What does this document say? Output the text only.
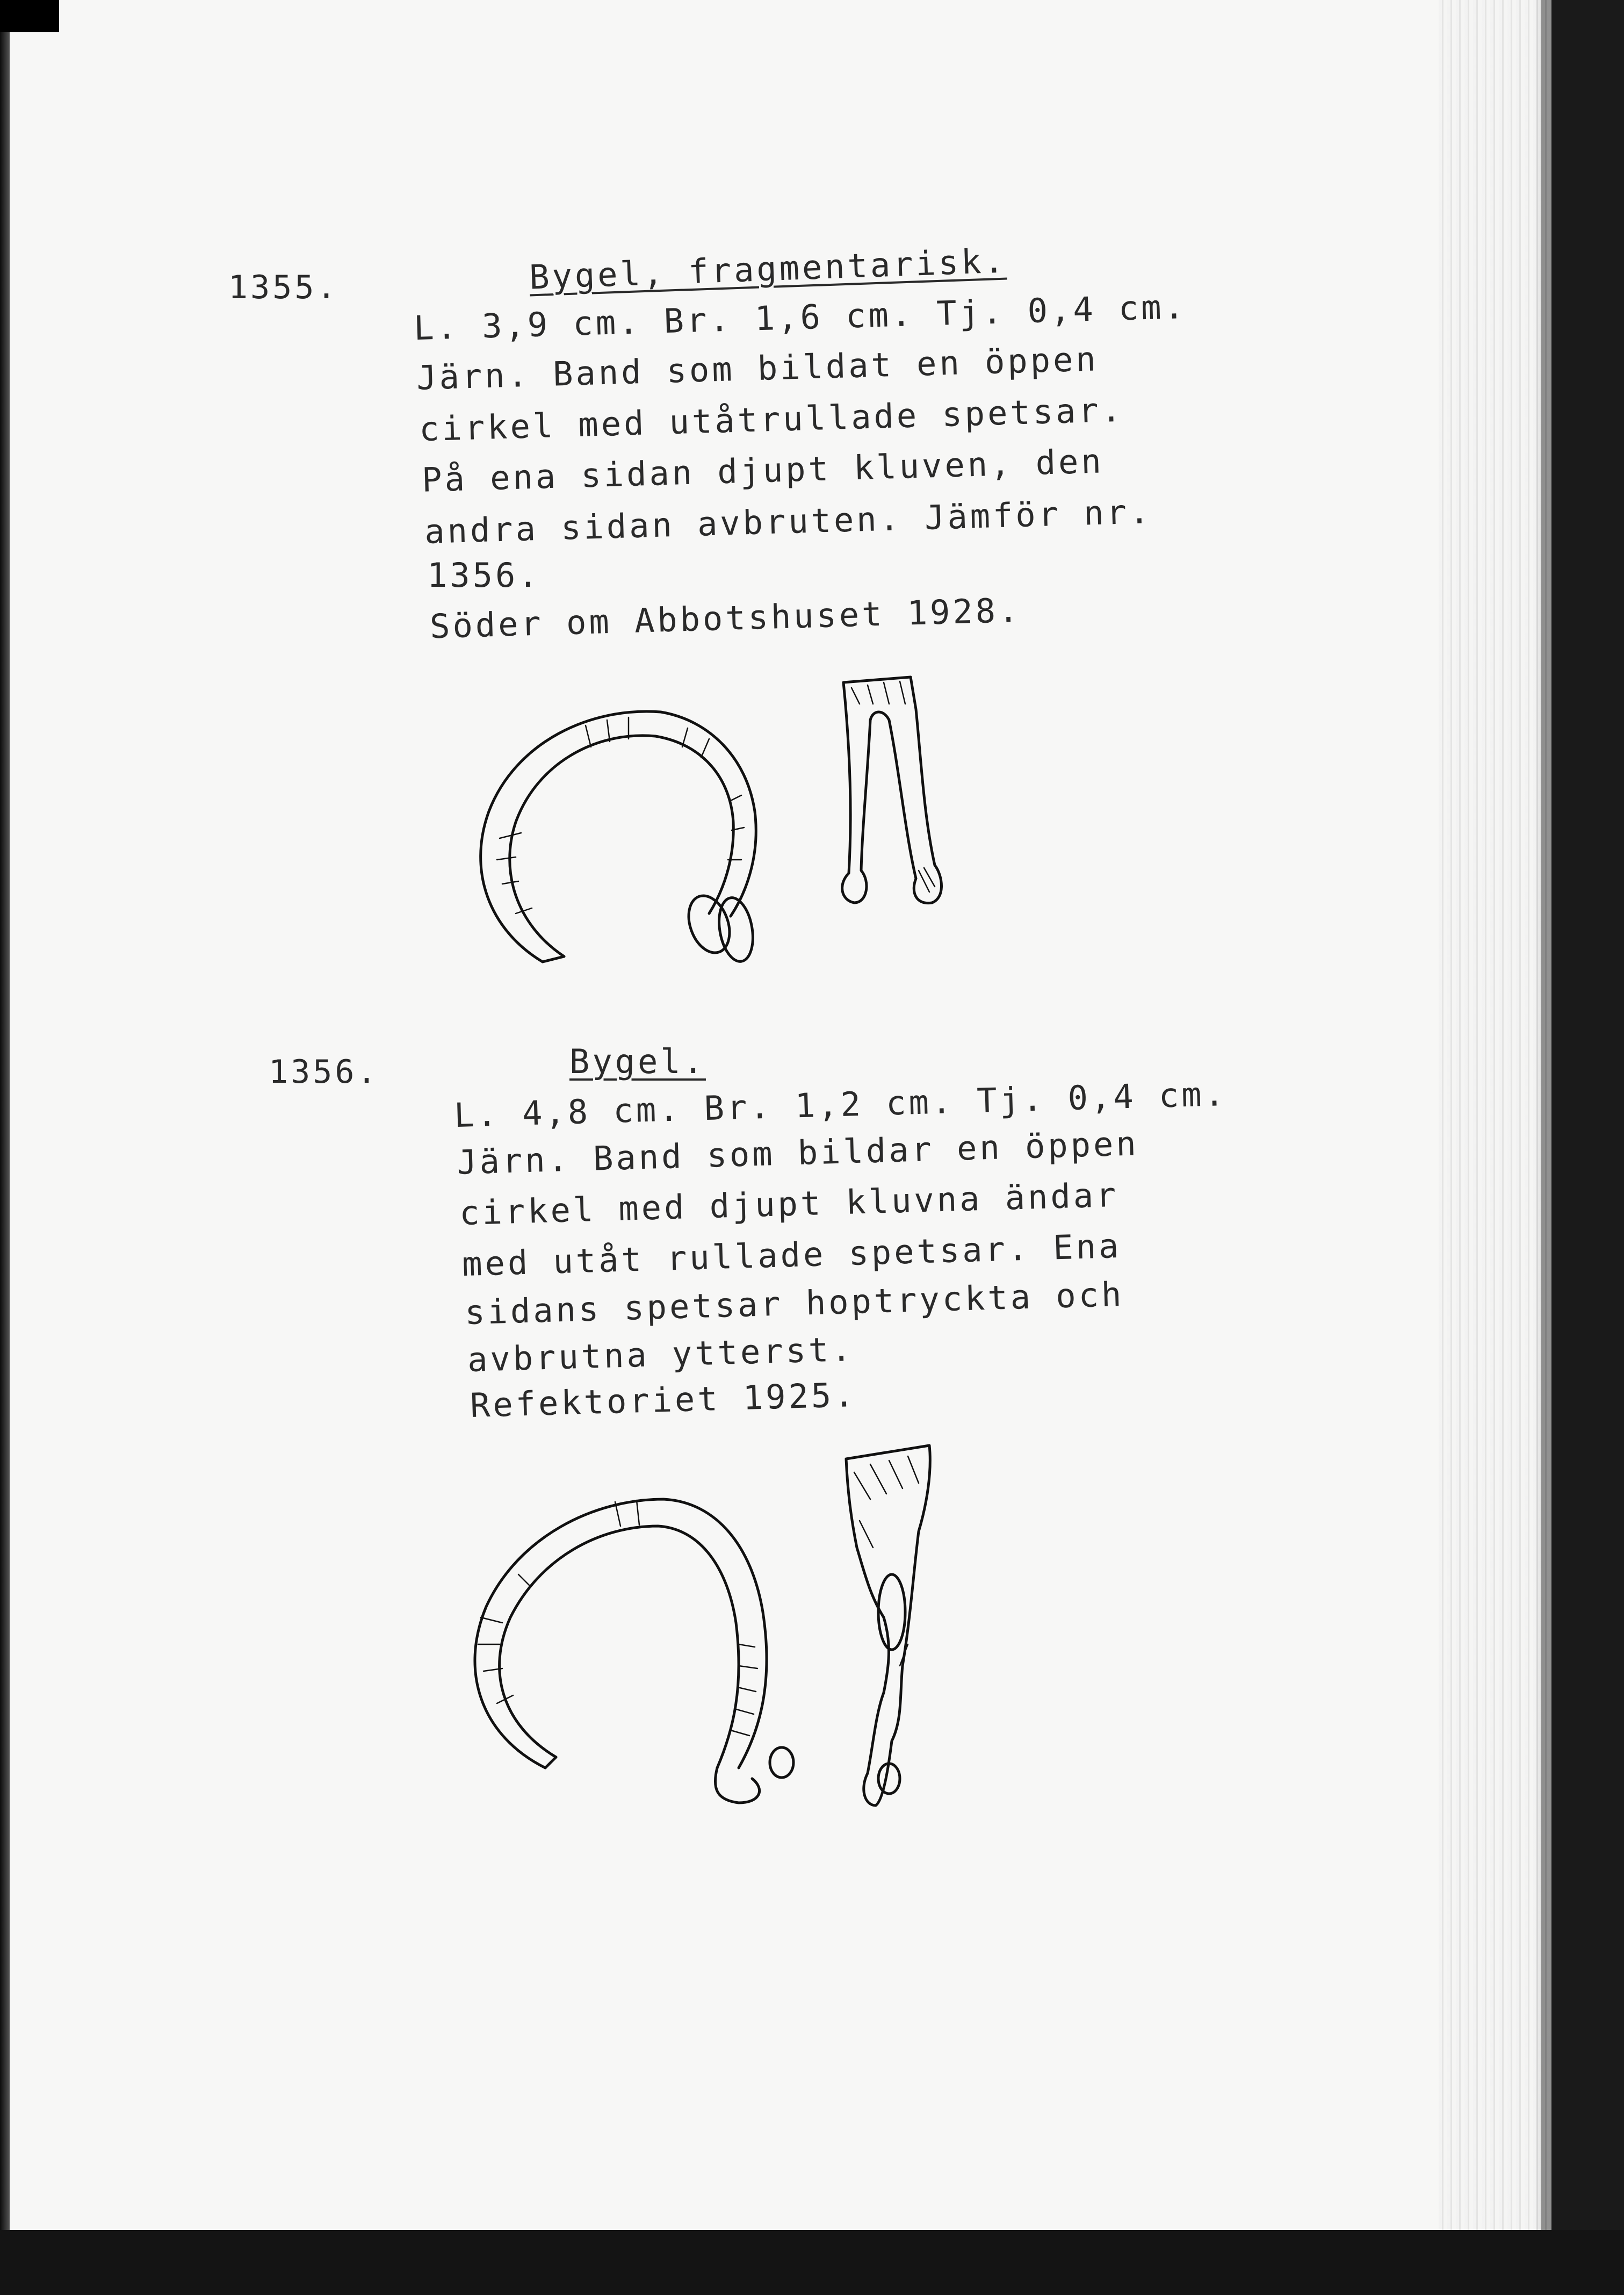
1355.	Bygel, fragmentarisk.
L. 3,9 cm. Br. 1,6 cm. Tj. 0,4 cm.
Järn. Band som bildat en öppen
cirkel med utåtrullade spetsar.
På ena sidan djupt kluven, den
andra sidan avbruten. Jämför nr.
1356.
Söder om Abbotshuset 1928.
1356.	Bygel.
L. 4,8 cm. Br. 1,2 cm. Tj. 0,4 cm.
Järn. Band som bildar en öppen
cirkel med djupt kluvna ändar
med utåt rullade spetsar. Ena
sidans spetsar hoptryckta och
avbrutna ytterst.
Refektoriet 1925.
